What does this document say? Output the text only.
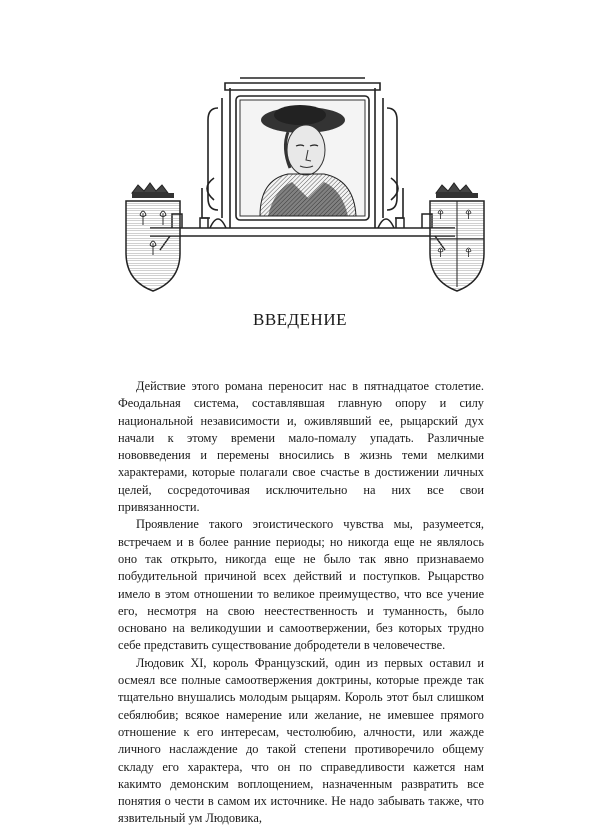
ВВЕДЕНИЕ

Действие этого романа переносит нас в пятнадцатое столетие. Феодальная система, составлявшая главную опору и силу национальной независимости и, оживлявший ее, рыцарский дух начали к этому времени мало-помалу упадать. Различные нововведения и перемены вносились в жизнь теми мелкими характерами, которые полагали свое счастье в достижении личных целей, сосредоточивая исключительно на них все свои привязанности.

Проявление такого эгоистического чувства мы, разумеется, встречаем и в более ранние периоды; но никогда еще не являлось оно так открыто, никогда еще не было так явно признаваемо побудительной причиной всех действий и поступков. Рыцарство имело в этом отношении то великое преимущество, что все учение его, несмотря на свою неестественность и туманность, было основано на великодушии и самоотвержении, без которых трудно себе представить существование добродетели в человечестве.

Людовик XI, король Французский, один из первых оставил и осмеял все полные самоотвержения доктрины, которые прежде так тщательно внушались молодым рыцарям. Король этот был слишком себялюбив; всякое намерение или желание, не имевшее прямого отношение к его интересам, честолюбию, алчности, или жажде личного наслаждение до такой степени противоречило общему складу его характера, что он по справедливости кажется нам какимто демонским воплощением, назначенным развратить все понятия о чести в самом их источнике. Не надо забывать также, что язвительный ум Людовика,
